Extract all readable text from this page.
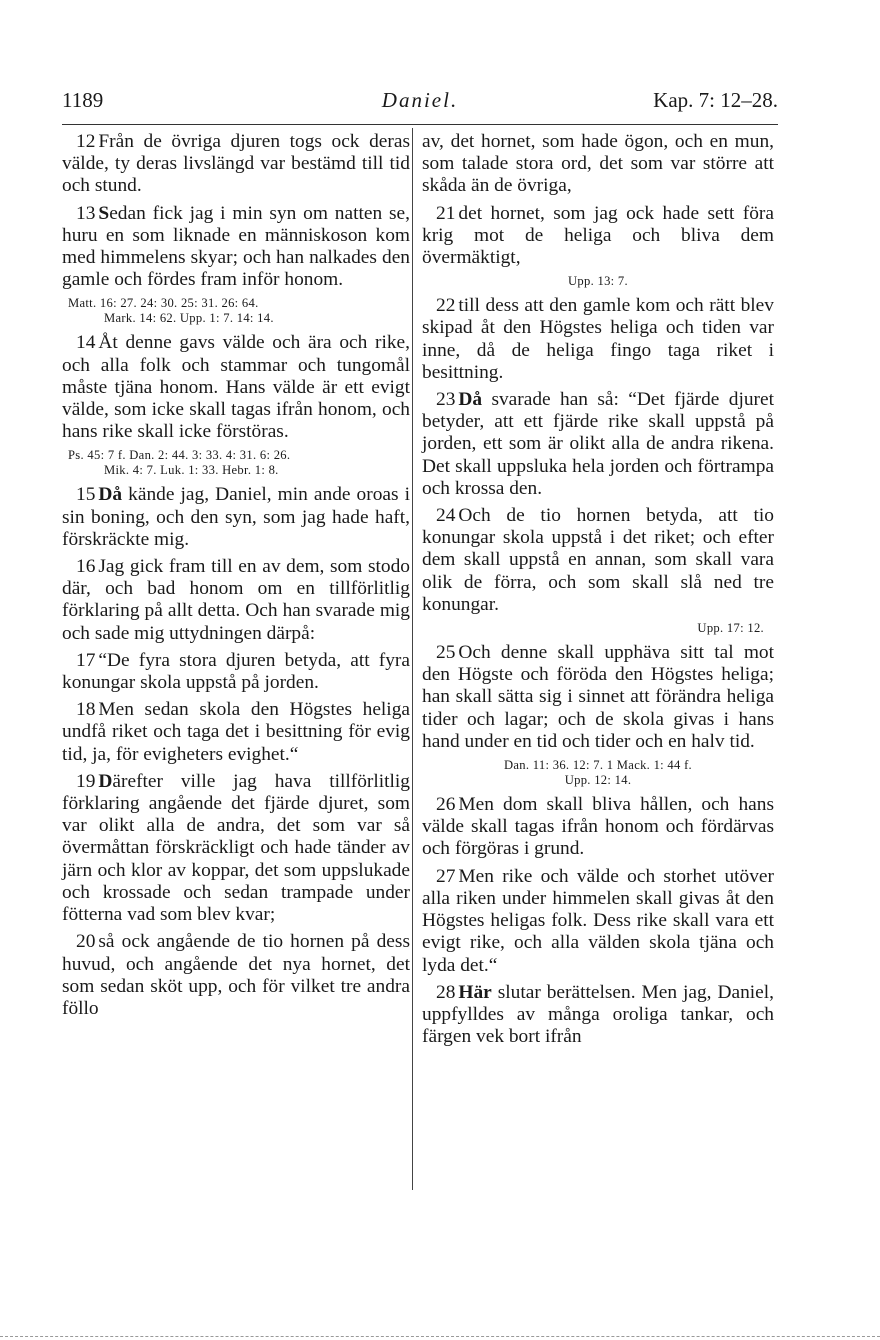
1189	Daniel.	Kap. 7: 12–28.

12 Från de övriga djuren togs ock deras välde, ty deras livslängd var bestämd till tid och stund.

13 Sedan fick jag i min syn om natten se, huru en som liknade en människoson kom med himmelens skyar; och han nalkades den gamle och fördes fram inför honom.

Matt. 16: 27. 24: 30. 25: 31. 26: 64.
Mark. 14: 62. Upp. 1: 7. 14: 14.

14 Åt denne gavs välde och ära och rike, och alla folk och stammar och tungomål måste tjäna honom. Hans välde är ett evigt välde, som icke skall tagas ifrån honom, och hans rike skall icke förstöras.

Ps. 45: 7 f. Dan. 2: 44. 3: 33. 4: 31. 6: 26.
Mik. 4: 7. Luk. 1: 33. Hebr. 1: 8.

15 Då kände jag, Daniel, min ande oroas i sin boning, och den syn, som jag hade haft, förskräckte mig.

16 Jag gick fram till en av dem, som stodo där, och bad honom om en tillförlitlig förklaring på allt detta. Och han svarade mig och sade mig uttydningen därpå:

17 “De fyra stora djuren betyda, att fyra konungar skola uppstå på jorden.

18 Men sedan skola den Högstes heliga undfå riket och taga det i besittning för evig tid, ja, för evigheters evighet.“

19 Därefter ville jag hava tillförlitlig förklaring angående det fjärde djuret, som var olikt alla de andra, det som var så övermåttan förskräckligt och hade tänder av järn och klor av koppar, det som uppslukade och krossade och sedan trampade under fötterna vad som blev kvar;

20 så ock angående de tio hornen på dess huvud, och angående det nya hornet, det som sedan sköt upp, och för vilket tre andra föllo

av, det hornet, som hade ögon, och en mun, som talade stora ord, det som var större att skåda än de övriga,

21 det hornet, som jag ock hade sett föra krig mot de heliga och bliva dem övermäktigt,

Upp. 13: 7.

22 till dess att den gamle kom och rätt blev skipad åt den Högstes heliga och tiden var inne, då de heliga fingo taga riket i besittning.

23 Då svarade han så: “Det fjärde djuret betyder, att ett fjärde rike skall uppstå på jorden, ett som är olikt alla de andra rikena. Det skall uppsluka hela jorden och förtrampa och krossa den.

24 Och de tio hornen betyda, att tio konungar skola uppstå i det riket; och efter dem skall uppstå en annan, som skall vara olik de förra, och som skall slå ned tre konungar.

Upp. 17: 12.

25 Och denne skall upphäva sitt tal mot den Högste och föröda den Högstes heliga; han skall sätta sig i sinnet att förändra heliga tider och lagar; och de skola givas i hans hand under en tid och tider och en halv tid.

Dan. 11: 36. 12: 7. 1 Mack. 1: 44 f.
Upp. 12: 14.

26 Men dom skall bliva hållen, och hans välde skall tagas ifrån honom och fördärvas och förgöras i grund.

27 Men rike och välde och storhet utöver alla riken under himmelen skall givas åt den Högstes heligas folk. Dess rike skall vara ett evigt rike, och alla välden skola tjäna och lyda det.“

28 Här slutar berättelsen. Men jag, Daniel, uppfylldes av många oroliga tankar, och färgen vek bort ifrån
